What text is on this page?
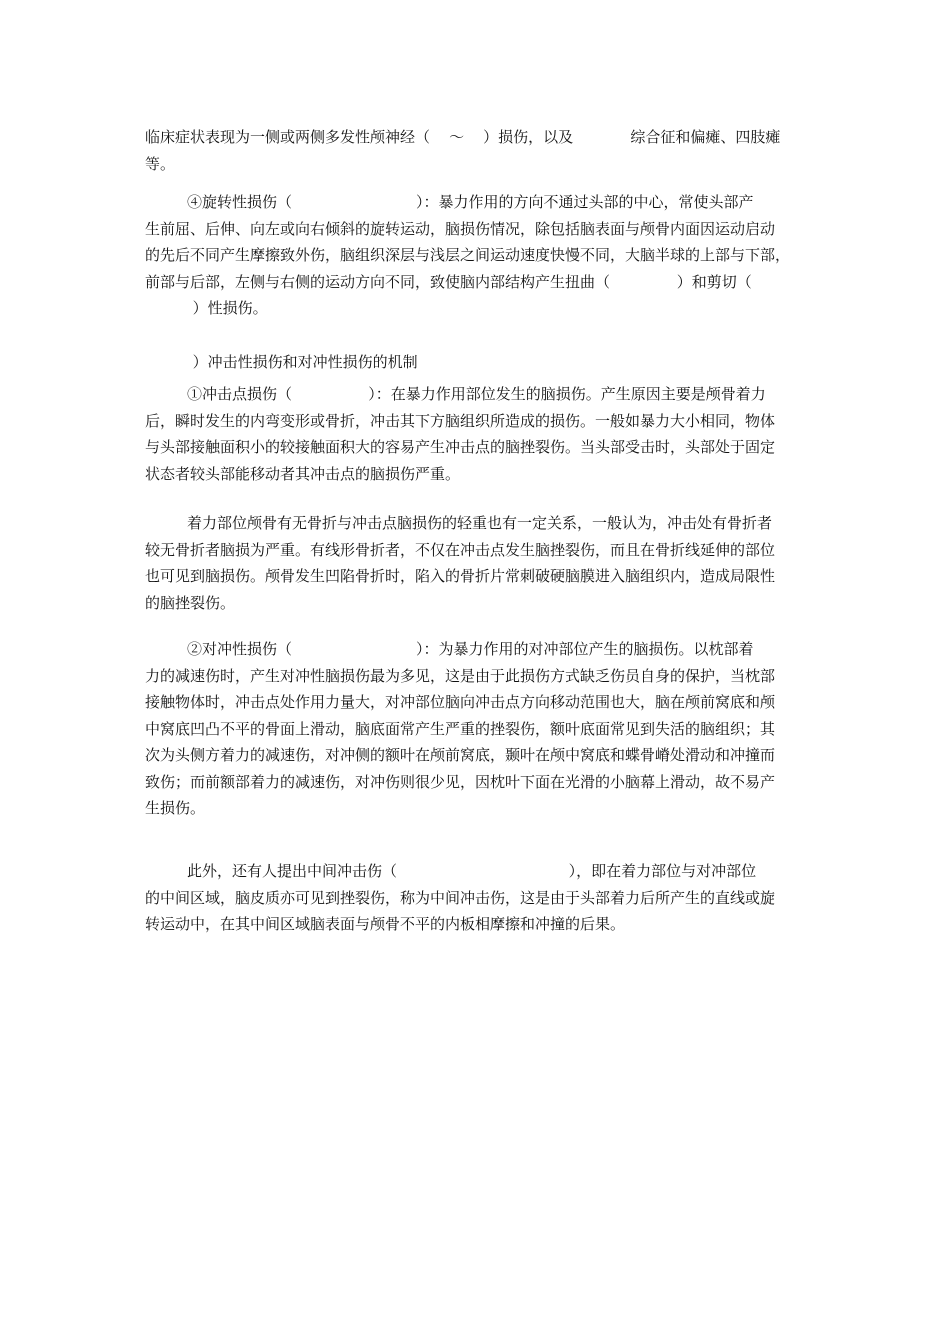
临床症状表现为一侧或两侧多发性颅神经（    ～    ）损伤，以及            综合征和偏瘫、四肢瘫
等。
④旋转性损伤（                          ）：暴力作用的方向不通过头部的中心，常使头部产
生前屈、后伸、向左或向右倾斜的旋转运动，脑损伤情况，除包括脑表面与颅骨内面因运动启动
的先后不同产生摩擦致外伤，脑组织深层与浅层之间运动速度快慢不同，大脑半球的上部与下部，
前部与后部，左侧与右侧的运动方向不同，致使脑内部结构产生扭曲（              ）和剪切（
）性损伤。
）冲击性损伤和对冲性损伤的机制
①冲击点损伤（                ）：在暴力作用部位发生的脑损伤。产生原因主要是颅骨着力
后，瞬时发生的内弯变形或骨折，冲击其下方脑组织所造成的损伤。一般如暴力大小相同，物体
与头部接触面积小的较接触面积大的容易产生冲击点的脑挫裂伤。当头部受击时，头部处于固定
状态者较头部能移动者其冲击点的脑损伤严重。
着力部位颅骨有无骨折与冲击点脑损伤的轻重也有一定关系，一般认为，冲击处有骨折者
较无骨折者脑损为严重。有线形骨折者，不仅在冲击点发生脑挫裂伤，而且在骨折线延伸的部位
也可见到脑损伤。颅骨发生凹陷骨折时，陷入的骨折片常刺破硬脑膜进入脑组织内，造成局限性
的脑挫裂伤。
②对冲性损伤（                          ）：为暴力作用的对冲部位产生的脑损伤。以枕部着
力的减速伤时，产生对冲性脑损伤最为多见，这是由于此损伤方式缺乏伤员自身的保护，当枕部
接触物体时，冲击点处作用力量大，对冲部位脑向冲击点方向移动范围也大，脑在颅前窝底和颅
中窝底凹凸不平的骨面上滑动，脑底面常产生严重的挫裂伤，额叶底面常见到失活的脑组织；其
次为头侧方着力的减速伤，对冲侧的额叶在颅前窝底，颞叶在颅中窝底和蝶骨嵴处滑动和冲撞而
致伤；而前额部着力的减速伤，对冲伤则很少见，因枕叶下面在光滑的小脑幕上滑动，故不易产
生损伤。
此外，还有人提出中间冲击伤（                                    ），即在着力部位与对冲部位
的中间区域，脑皮质亦可见到挫裂伤，称为中间冲击伤，这是由于头部着力后所产生的直线或旋
转运动中，在其中间区域脑表面与颅骨不平的内板相摩擦和冲撞的后果。
